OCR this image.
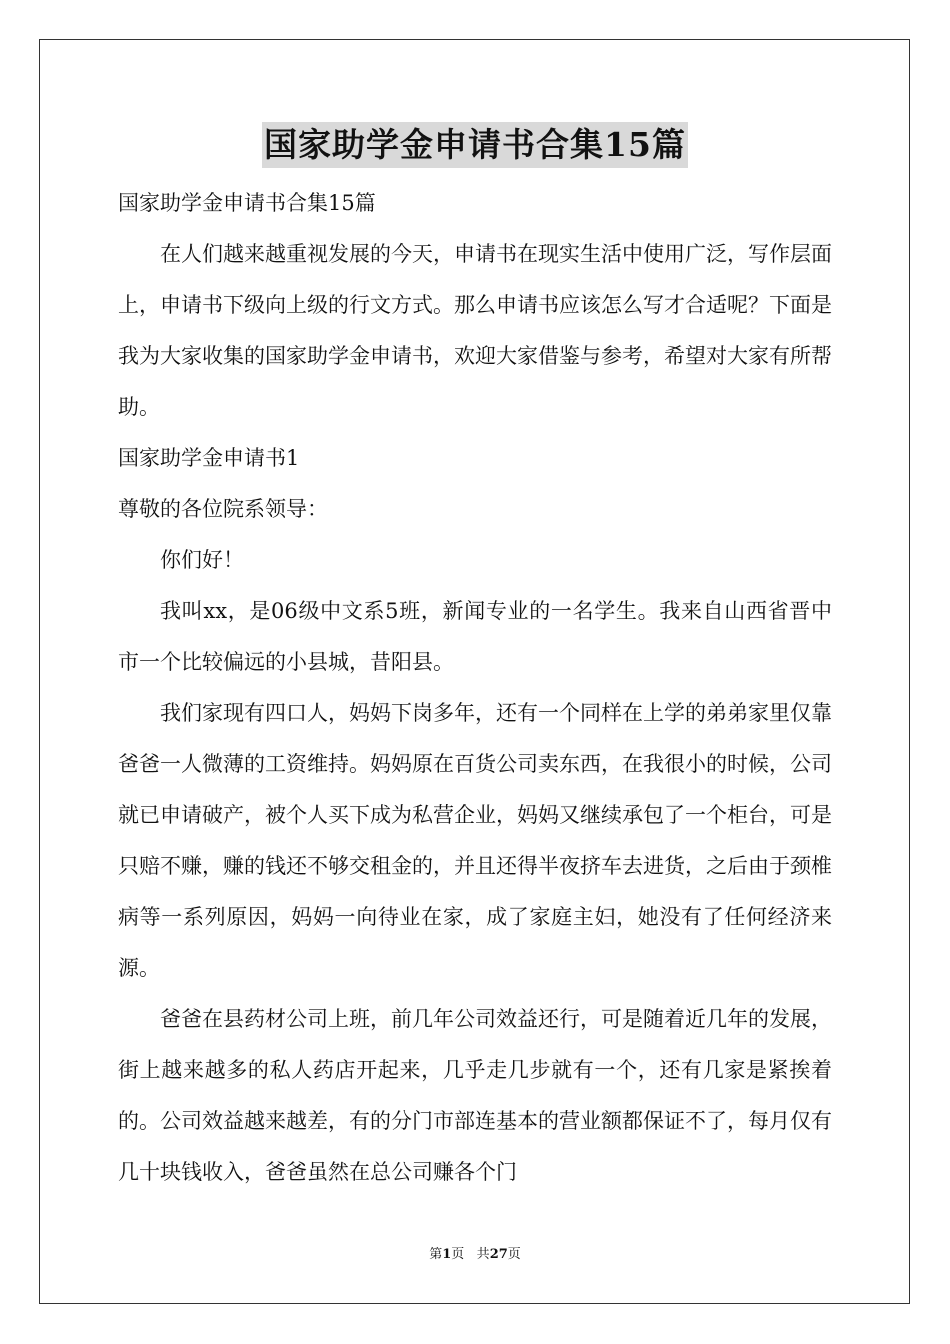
国家助学金申请书合集15篇

国家助学金申请书合集15篇

在人们越来越重视发展的今天，申请书在现实生活中使用广泛，写作层面上，申请书下级向上级的行文方式。那么申请书应该怎么写才合适呢？下面是我为大家收集的国家助学金申请书，欢迎大家借鉴与参考，希望对大家有所帮助。

国家助学金申请书1

尊敬的各位院系领导：

你们好！

我叫xx，是06级中文系5班，新闻专业的一名学生。我来自山西省晋中市一个比较偏远的小县城，昔阳县。

我们家现有四口人，妈妈下岗多年，还有一个同样在上学的弟弟家里仅靠爸爸一人微薄的工资维持。妈妈原在百货公司卖东西，在我很小的时候，公司就已申请破产，被个人买下成为私营企业，妈妈又继续承包了一个柜台，可是只赔不赚，赚的钱还不够交租金的，并且还得半夜挤车去进货，之后由于颈椎病等一系列原因，妈妈一向待业在家，成了家庭主妇，她没有了任何经济来源。

爸爸在县药材公司上班，前几年公司效益还行，可是随着近几年的发展，街上越来越多的私人药店开起来，几乎走几步就有一个，还有几家是紧挨着的。公司效益越来越差，有的分门市部连基本的营业额都保证不了，每月仅有几十块钱收入，爸爸虽然在总公司赚各个门

第1页 共27页
